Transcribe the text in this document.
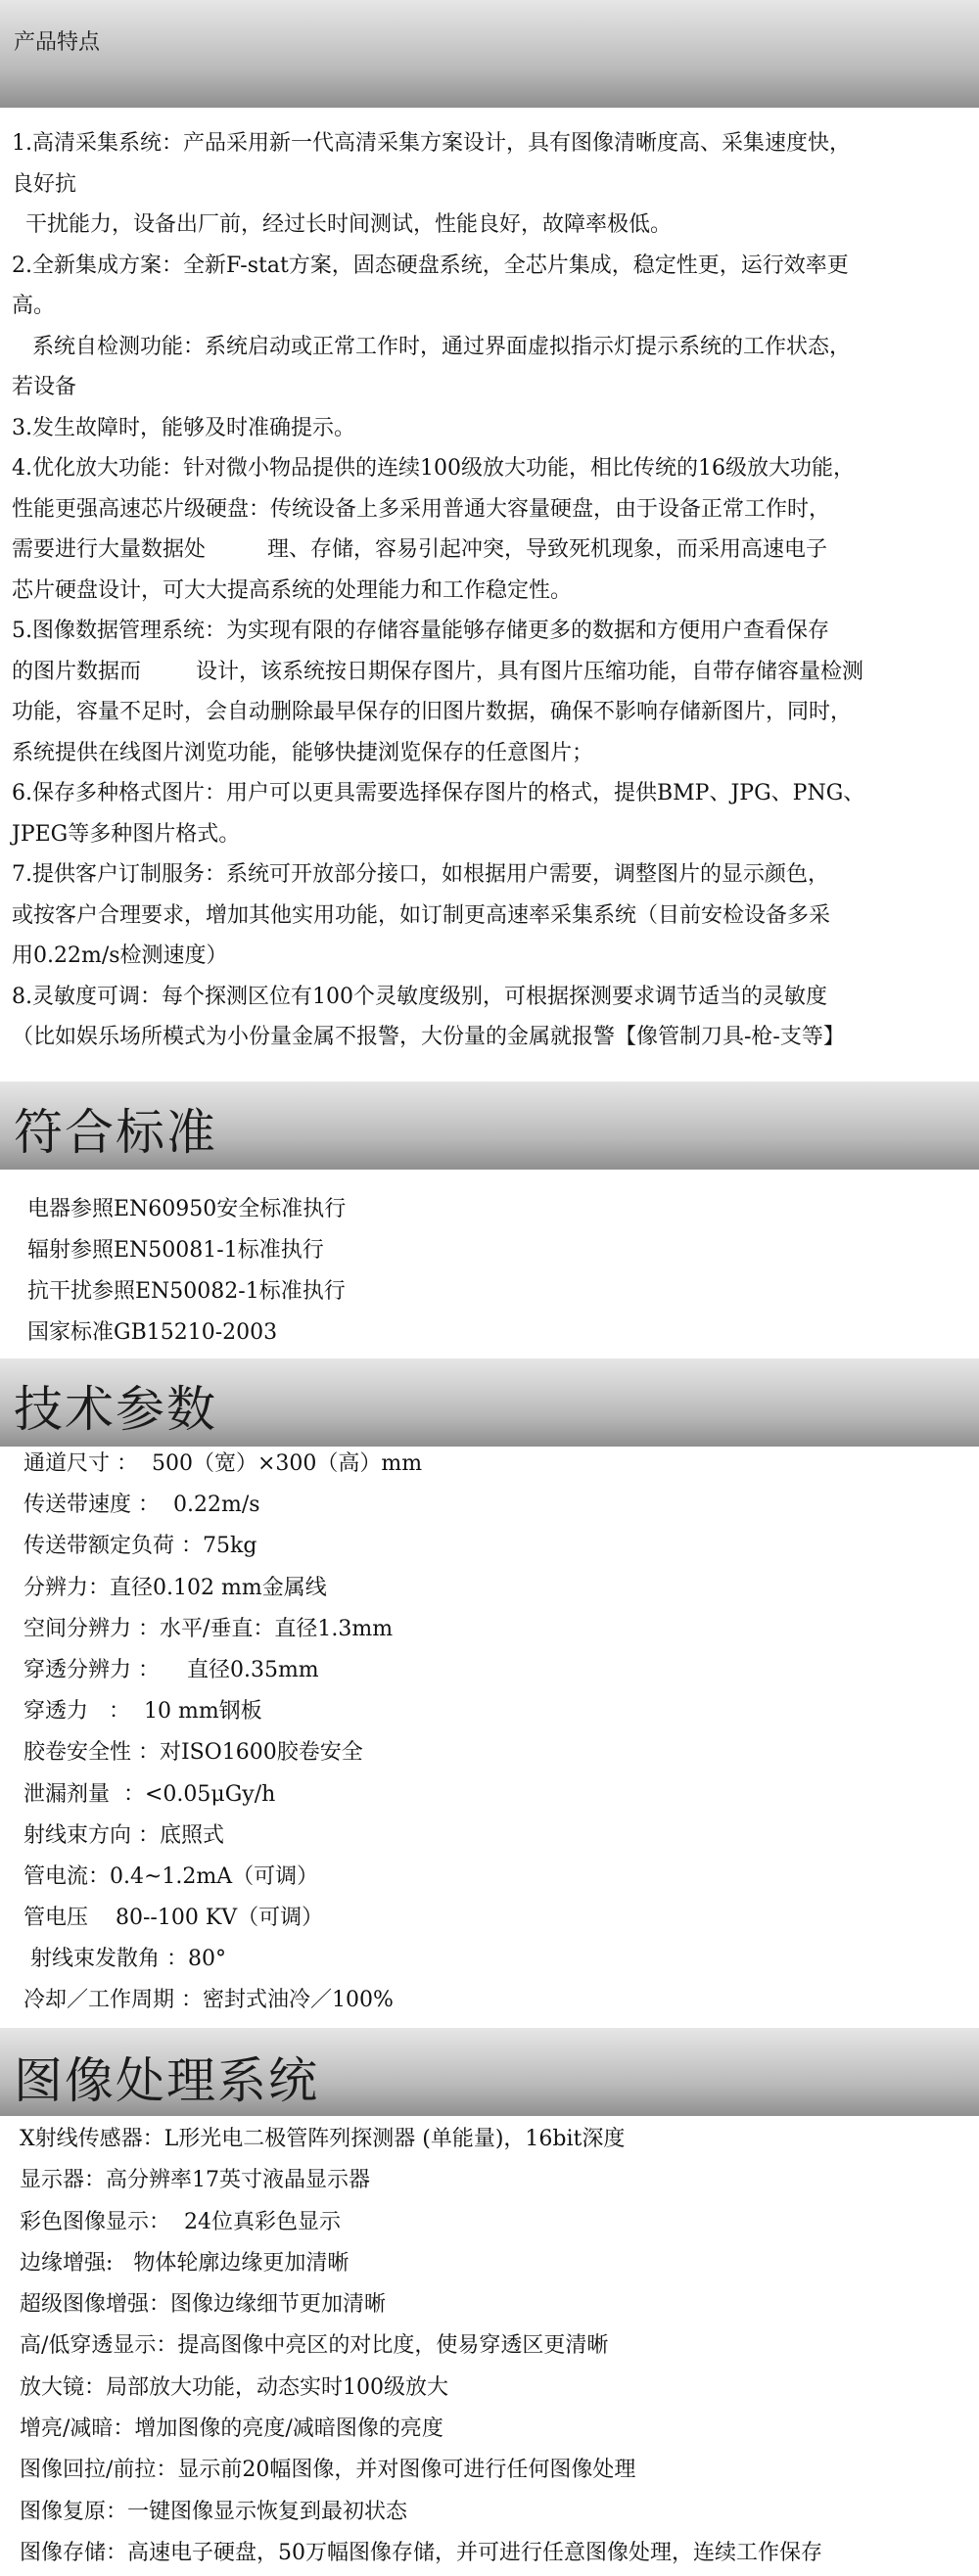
产品特点
1.高清采集系统：产品采用新一代高清采集方案设计，具有图像清晰度高、采集速度快，
良好抗
干扰能力，设备出厂前，经过长时间测试，性能良好，故障率极低。
2.全新集成方案：全新F-stat方案，固态硬盘系统，全芯片集成，稳定性更，运行效率更
高。
系统自检测功能：系统启动或正常工作时，通过界面虚拟指示灯提示系统的工作状态，
若设备
3.发生故障时，能够及时准确提示。
4.优化放大功能：针对微小物品提供的连续100级放大功能，相比传统的16级放大功能，
性能更强高速芯片级硬盘：传统设备上多采用普通大容量硬盘，由于设备正常工作时，
需要进行大量数据处         理、存储，容易引起冲突，导致死机现象，而采用高速电子
芯片硬盘设计，可大大提高系统的处理能力和工作稳定性。
5.图像数据管理系统：为实现有限的存储容量能够存储更多的数据和方便用户查看保存
的图片数据而        设计，该系统按日期保存图片，具有图片压缩功能，自带存储容量检测
功能，容量不足时，会自动删除最早保存的旧图片数据，确保不影响存储新图片，同时，
系统提供在线图片浏览功能，能够快捷浏览保存的任意图片；
6.保存多种格式图片：用户可以更具需要选择保存图片的格式，提供BMP、JPG、PNG、
JPEG等多种图片格式。
7.提供客户订制服务：系统可开放部分接口，如根据用户需要，调整图片的显示颜色，
或按客户合理要求，增加其他实用功能，如订制更高速率采集系统（目前安检设备多采
用0.22m/s检测速度）
8.灵敏度可调：每个探测区位有100个灵敏度级别，可根据探测要求调节适当的灵敏度
（比如娱乐场所模式为小份量金属不报警，大份量的金属就报警【像管制刀具-枪-支等】
符合标准
电器参照EN60950安全标准执行
辐射参照EN50081-1标准执行
抗干扰参照EN50082-1标准执行
国家标准GB15210-2003
技术参数
通道尺寸 ：  500（宽）×300（高）mm
传送带速度 ：  0.22m/s
传送带额定负荷 ：75kg
分辨力：直径0.102 mm金属线
空间分辨力 ：水平/垂直：直径1.3mm
穿透分辨力 ：    直径0.35mm
穿透力   ：  10 mm钢板
胶卷安全性 ：对ISO1600胶卷安全
泄漏剂量  ：<0.05μGy/h
射线束方向 ：底照式
管电流：0.4~1.2mA（可调）
管电压    80--100 KV（可调）
射线束发散角 ：80°
冷却／工作周期 ：密封式油冷／100%
图像处理系统
X射线传感器：L形光电二极管阵列探测器 (单能量)，16bit深度
显示器：高分辨率17英寸液晶显示器
彩色图像显示：  24位真彩色显示
边缘增强:   物体轮廓边缘更加清晰
超级图像增强：图像边缘细节更加清晰
高/低穿透显示：提高图像中亮区的对比度，使易穿透区更清晰
放大镜：局部放大功能，动态实时100级放大
增亮/减暗：增加图像的亮度/减暗图像的亮度
图像回拉/前拉：显示前20幅图像，并对图像可进行任何图像处理
图像复原：一键图像显示恢复到最初状态
图像存储：高速电子硬盘，50万幅图像存储，并可进行任意图像处理，连续工作保存
